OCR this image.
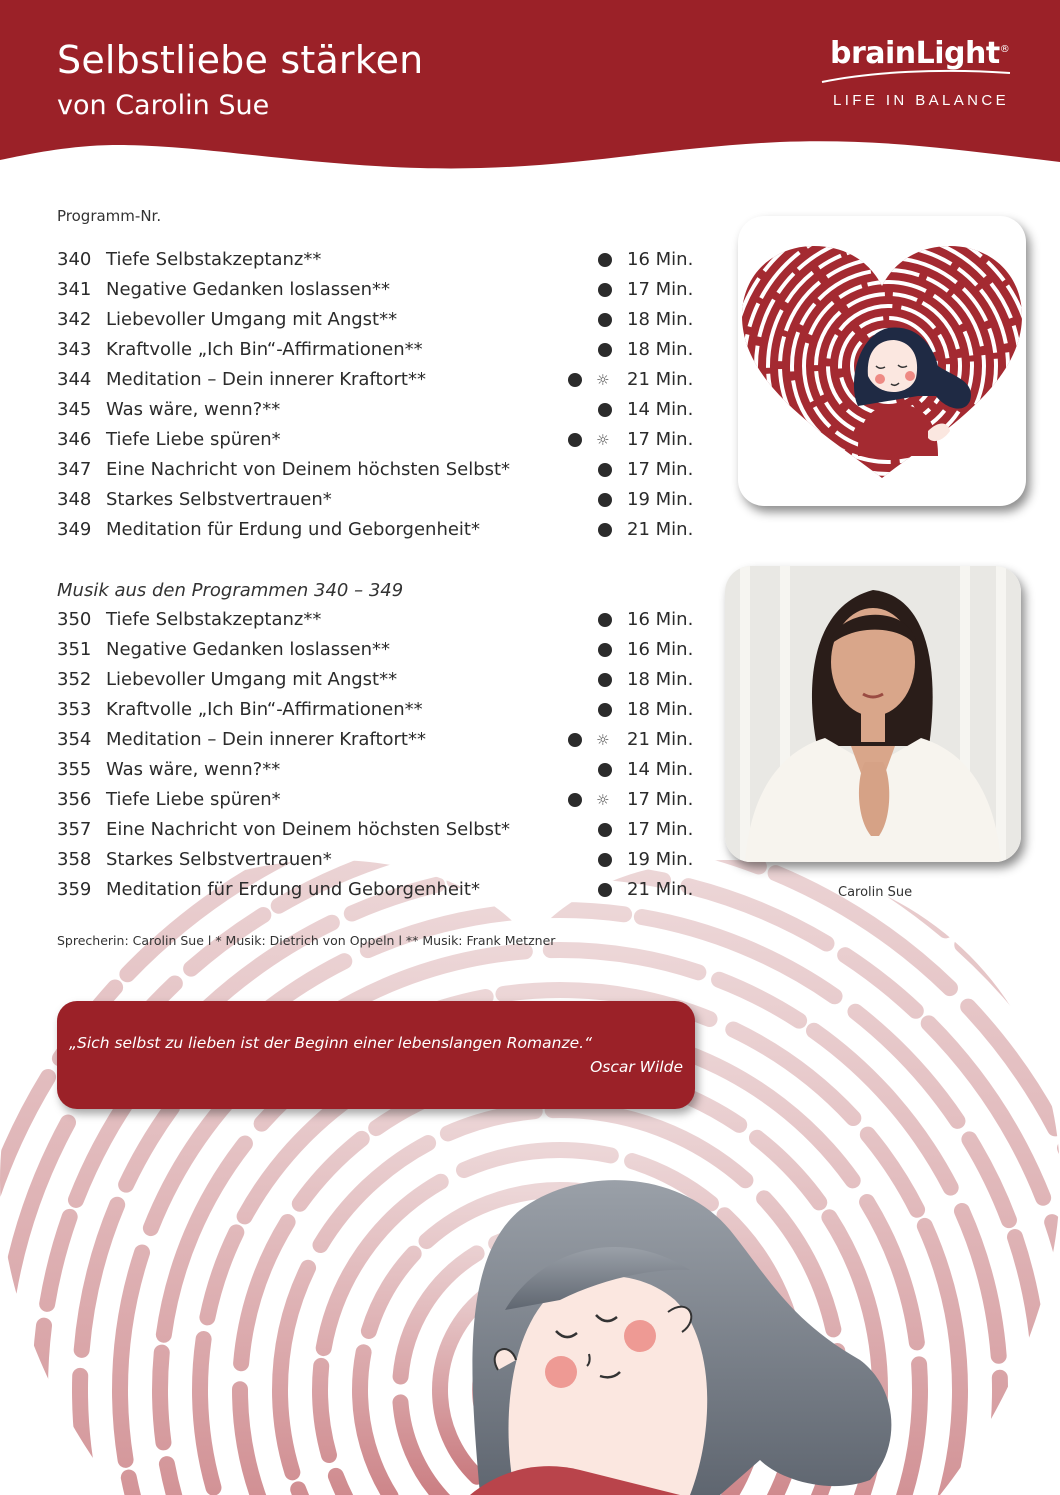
Selbstliebe stärken
von Carolin Sue
brainLight®
LIFE IN BALANCE
Programm-Nr.
340 Tiefe Selbstakzeptanz**	16 Min.
341 Negative Gedanken loslassen**	17 Min.
342 Liebevoller Umgang mit Angst**	18 Min.
343 Kraftvolle „Ich Bin“-Affirmationen**	18 Min.
344 Meditation – Dein innerer Kraftort**	☼ 21 Min.
345 Was wäre, wenn?**	14 Min.
346 Tiefe Liebe spüren*	☼ 17 Min.
347 Eine Nachricht von Deinem höchsten Selbst*	17 Min.
348 Starkes Selbstvertrauen*	19 Min.
349 Meditation für Erdung und Geborgenheit*	21 Min.
Musik aus den Programmen 340 – 349
350 Tiefe Selbstakzeptanz**	16 Min.
351 Negative Gedanken loslassen**	16 Min.
352 Liebevoller Umgang mit Angst**	18 Min.
353 Kraftvolle „Ich Bin“-Affirmationen**	18 Min.
354 Meditation – Dein innerer Kraftort**	☼ 21 Min.
355 Was wäre, wenn?**	14 Min.
356 Tiefe Liebe spüren*	☼ 17 Min.
357 Eine Nachricht von Deinem höchsten Selbst*	17 Min.
358 Starkes Selbstvertrauen*	19 Min.
359 Meditation für Erdung und Geborgenheit*	21 Min.
Sprecherin: Carolin Sue l * Musik: Dietrich von Oppeln l ** Musik: Frank Metzner
Carolin Sue
„Sich selbst zu lieben ist der Beginn einer lebenslangen Romanze.“
Oscar Wilde
